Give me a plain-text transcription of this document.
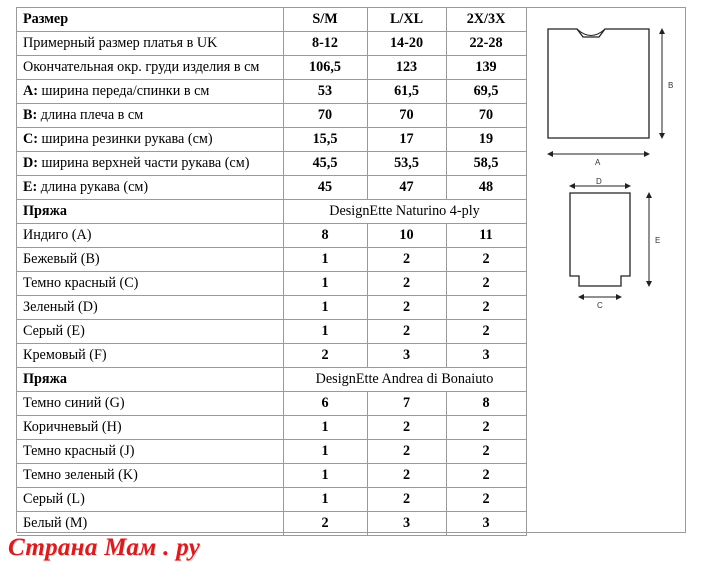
Размер	S/M	L/XL	2X/3X
Примерный размер платья в UK	8-12	14-20	22-28
Окончательная окр. груди изделия в см	106,5	123	139
A: ширина переда/спинки в см	53	61,5	69,5
B: длина плеча в см	70	70	70
C: ширина резинки рукава (см)	15,5	17	19
D: ширина верхней части рукава (см)	45,5	53,5	58,5
E: длина рукава (см)	45	47	48
Пряжа	DesignEtte Naturino 4-ply		
Индиго (A)	8	10	11
Бежевый (B)	1	2	2
Темно красный (C)	1	2	2
Зеленый (D)	1	2	2
Серый (E)	1	2	2
Кремовый (F)	2	3	3
Пряжа	DesignEtte Andrea di Bonaiuto		
Темно синий (G)	6	7	8
Коричневый (H)	1	2	2
Темно красный (J)	1	2	2
Темно зеленый (K)	1	2	2
Серый (L)	1	2	2
Белый (M)	2	3	3
A
B
D
E
C
Страна Мам . ру
